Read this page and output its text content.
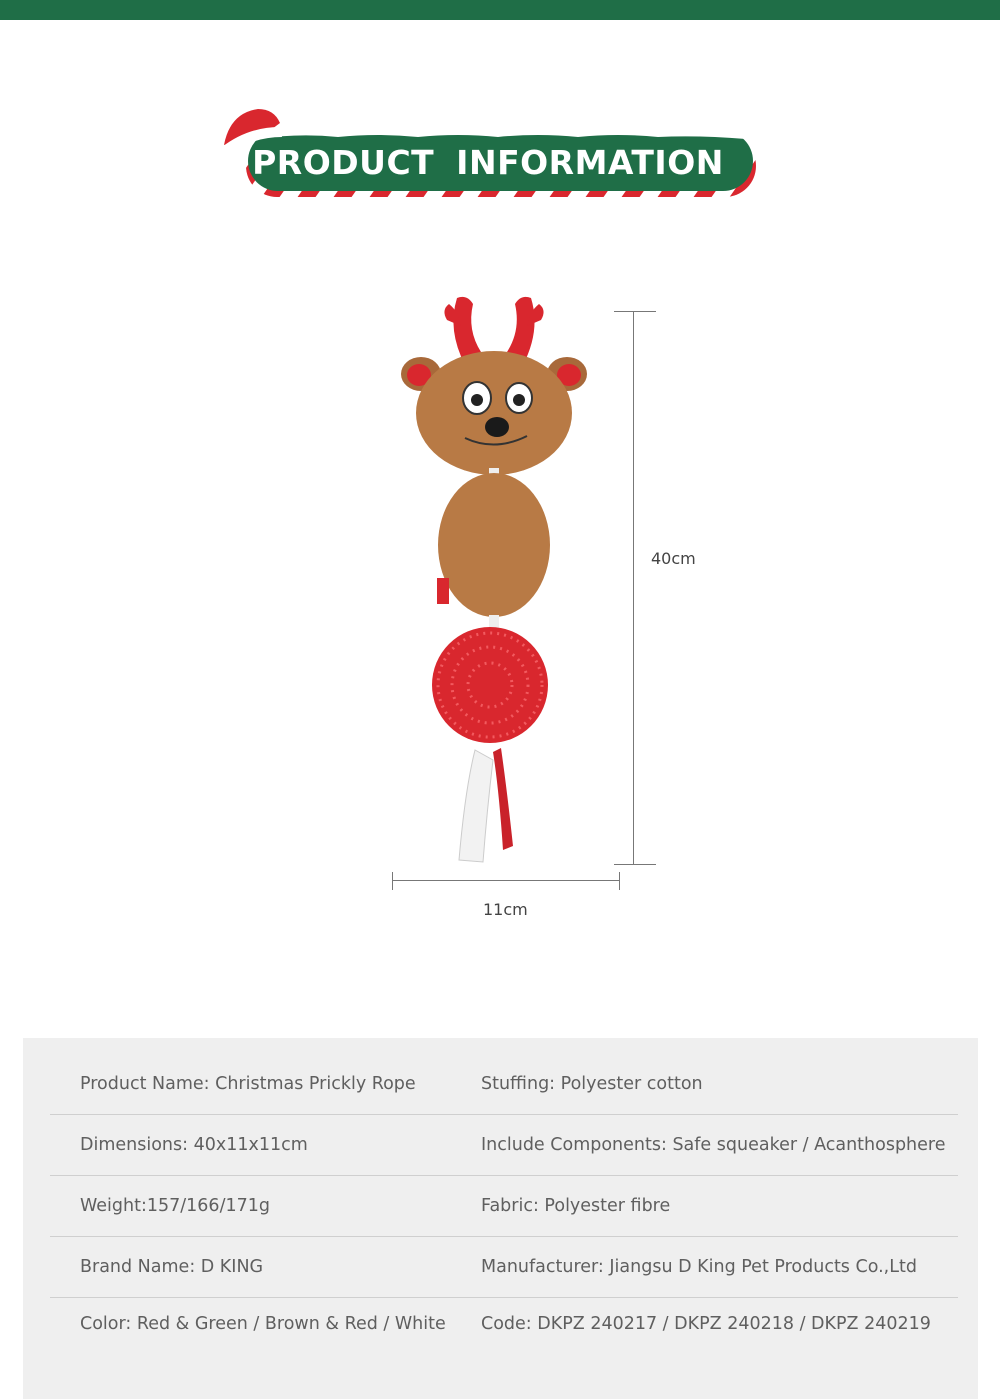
PRODUCT INFORMATION
40cm
11cm
Product Name: Christmas Prickly Rope	Stuffing: Polyester cotton
Dimensions: 40x11x11cm	Include Components: Safe squeaker / Acanthosphere
Weight:157/166/171g	Fabric: Polyester fibre
Brand Name: D KING	Manufacturer: Jiangsu D King Pet Products Co.,Ltd
Color: Red & Green / Brown & Red / White Code: DKPZ 240217 / DKPZ 240218 / DKPZ 240219
